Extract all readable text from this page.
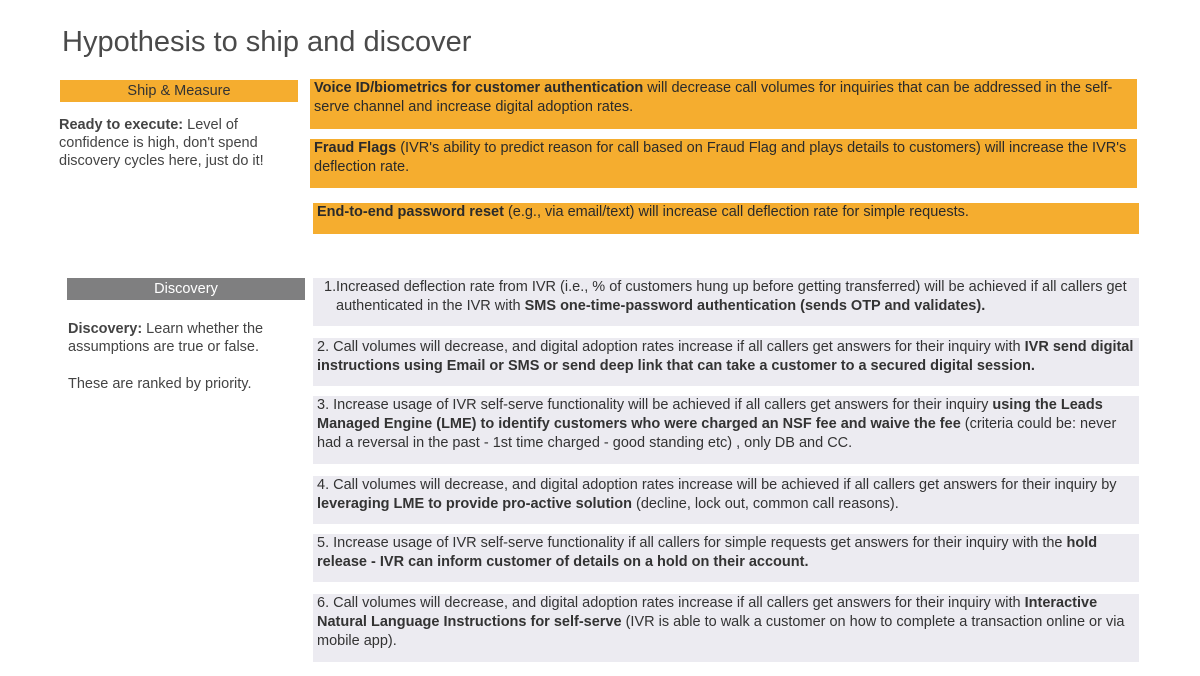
Hypothesis to ship and discover
Ship & Measure
Ready to execute: Level of confidence is high, don't spend discovery cycles here, just do it!
Voice ID/biometrics for customer authentication will decrease call volumes for inquiries that can be addressed in the self-serve channel and increase digital adoption rates.
Fraud Flags (IVR's ability to predict reason for call based on Fraud Flag and plays details to customers) will increase the IVR's deflection rate.
End-to-end password reset (e.g., via email/text) will increase call deflection rate for simple requests.
Discovery

Discovery: Learn whether the assumptions are true or false.

These are ranked by priority.

1. Increased deflection rate from IVR (i.e., % of customers hung up before getting transferred) will be achieved if all callers get authenticated in the IVR with SMS one-time-password authentication (sends OTP and validates).
2. Call volumes will decrease, and digital adoption rates increase if all callers get answers for their inquiry with IVR send digital instructions using Email or SMS or send deep link that can take a customer to a secured digital session.
3. Increase usage of IVR self-serve functionality will be achieved if all callers get answers for their inquiry using the Leads Managed Engine (LME) to identify customers who were charged an NSF fee and waive the fee (criteria could be: never had a reversal in the past - 1st time charged - good standing etc) , only DB and CC.
4. Call volumes will decrease, and digital adoption rates increase will be achieved if all callers get answers for their inquiry by leveraging LME to provide pro-active solution (decline, lock out, common call reasons).
5. Increase usage of IVR self-serve functionality if all callers for simple requests get answers for their inquiry with the hold release - IVR can inform customer of details on a hold on their account.
6. Call volumes will decrease, and digital adoption rates increase if all callers get answers for their inquiry with Interactive Natural Language Instructions for self-serve (IVR is able to walk a customer on how to complete a transaction online or via mobile app).
